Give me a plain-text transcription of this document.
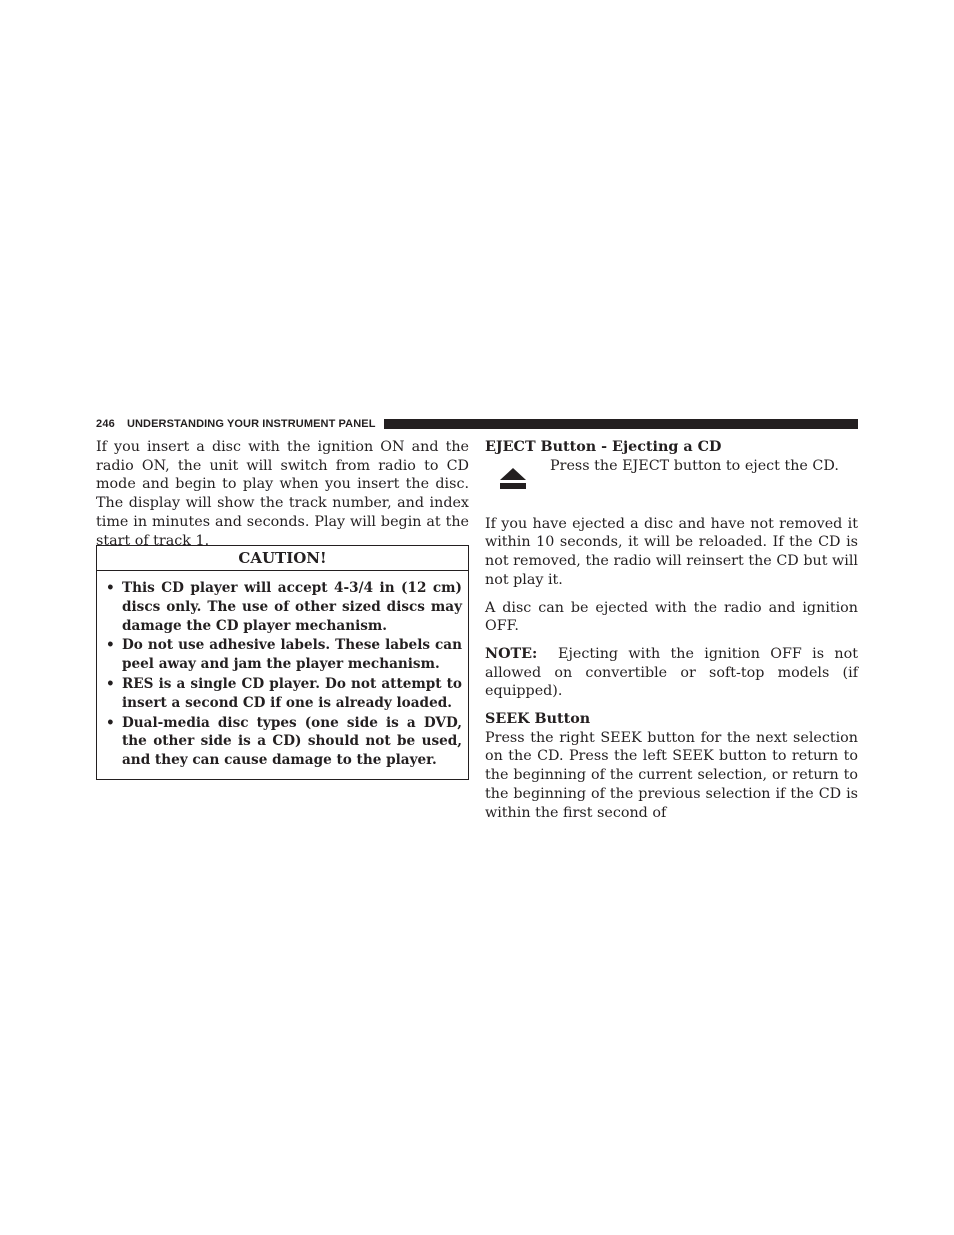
246 UNDERSTANDING YOUR INSTRUMENT PANEL

If you insert a disc with the ignition ON and the radio ON, the unit will switch from radio to CD mode and begin to play when you insert the disc. The display will show the track number, and index time in minutes and seconds. Play will begin at the start of track 1.

CAUTION!
• This CD player will accept 4-3/4 in (12 cm) discs only. The use of other sized discs may damage the CD player mechanism.
• Do not use adhesive labels. These labels can peel away and jam the player mechanism.
• RES is a single CD player. Do not attempt to insert a second CD if one is already loaded.
• Dual-media disc types (one side is a DVD, the other side is a CD) should not be used, and they can cause damage to the player.
EJECT Button - Ejecting a CD
Press the EJECT button to eject the CD.

If you have ejected a disc and have not removed it within 10 seconds, it will be reloaded. If the CD is not removed, the radio will reinsert the CD but will not play it.

A disc can be ejected with the radio and ignition OFF.

NOTE: Ejecting with the ignition OFF is not allowed on convertible or soft-top models (if equipped).

SEEK Button

Press the right SEEK button for the next selection on the CD. Press the left SEEK button to return to the beginning of the current selection, or return to the beginning of the previous selection if the CD is within the first second of
